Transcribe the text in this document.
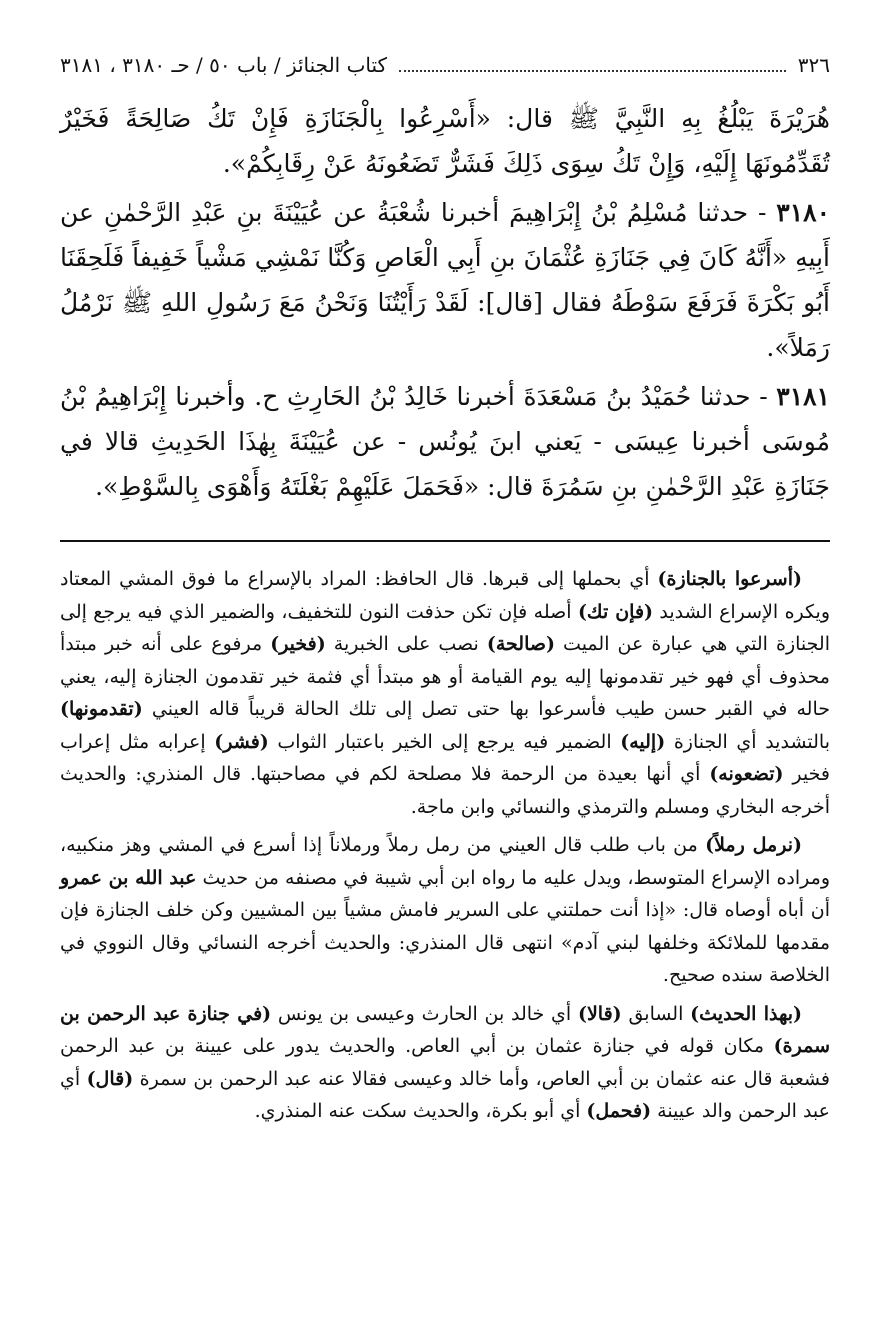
٣٢٦
كتاب الجنائز / باب ٥٠ / حـ ٣١٨٠ ، ٣١٨١

هُرَيْرَةَ يَبْلُغُ بِهِ النَّبِيَّ ﷺ قال: «أَسْرِعُوا بِالْجَنَازَةِ فَإِنْ تَكُ صَالِحَةً فَخَيْرٌ تُقَدِّمُونَهَا إِلَيْهِ، وَإِنْ تَكُ سِوَى ذَلِكَ فَشَرٌّ تَضَعُونَهُ عَنْ رِقَابِكُمْ».

٣١٨٠ - حدثنا مُسْلِمُ بْنُ إِبْرَاهِيمَ أخبرنا شُعْبَةُ عن عُيَيْنَةَ بنِ عَبْدِ الرَّحْمٰنِ عن أَبِيهِ «أَنَّهُ كَانَ فِي جَنَازَةِ عُثْمَانَ بنِ أَبِي الْعَاصِ وَكُنَّا نَمْشِي مَشْياً خَفِيفاً فَلَحِقَنَا أَبُو بَكْرَةَ فَرَفَعَ سَوْطَهُ فقال [قال]: لَقَدْ رَأَيْتُنَا وَنَحْنُ مَعَ رَسُولِ اللهِ ﷺ نَرْمُلُ رَمَلاً».

٣١٨١ - حدثنا حُمَيْدُ بنُ مَسْعَدَةَ أخبرنا خَالِدُ بْنُ الحَارِثِ ح. وأخبرنا إِبْرَاهِيمُ بْنُ مُوسَى أخبرنا عِيسَى - يَعني ابنَ يُونُس - عن عُيَيْنَةَ بِهٰذَا الحَدِيثِ قالا في جَنَازَةِ عَبْدِ الرَّحْمٰنِ بنِ سَمُرَةَ قال: «فَحَمَلَ عَلَيْهِمْ بَغْلَتَهُ وَأَهْوَى بِالسَّوْطِ».

(أسرعوا بالجنازة) أي بحملها إلى قبرها. قال الحافظ: المراد بالإسراع ما فوق المشي المعتاد ويكره الإسراع الشديد (فإن تك) أصله فإن تكن حذفت النون للتخفيف، والضمير الذي فيه يرجع إلى الجنازة التي هي عبارة عن الميت (صالحة) نصب على الخبرية (فخير) مرفوع على أنه خبر مبتدأ محذوف أي فهو خير تقدمونها إليه يوم القيامة أو هو مبتدأ أي فثمة خير تقدمون الجنازة إليه، يعني حاله في القبر حسن طيب فأسرعوا بها حتى تصل إلى تلك الحالة قريباً قاله العيني (تقدمونها) بالتشديد أي الجنازة (إليه) الضمير فيه يرجع إلى الخير باعتبار الثواب (فشر) إعرابه مثل إعراب فخير (تضعونه) أي أنها بعيدة من الرحمة فلا مصلحة لكم في مصاحبتها. قال المنذري: والحديث أخرجه البخاري ومسلم والترمذي والنسائي وابن ماجة.

(نرمل رملاً) من باب طلب قال العيني من رمل رملاً ورملاناً إذا أسرع في المشي وهز منكبيه، ومراده الإسراع المتوسط، ويدل عليه ما رواه ابن أبي شيبة في مصنفه من حديث عبد الله بن عمرو أن أباه أوصاه قال: «إذا أنت حملتني على السرير فامش مشياً بين المشيين وكن خلف الجنازة فإن مقدمها للملائكة وخلفها لبني آدم» انتهى قال المنذري: والحديث أخرجه النسائي وقال النووي في الخلاصة سنده صحيح.

(بهذا الحديث) السابق (قالا) أي خالد بن الحارث وعيسى بن يونس (في جنازة عبد الرحمن بن سمرة) مكان قوله في جنازة عثمان بن أبي العاص. والحديث يدور على عيينة بن عبد الرحمن فشعبة قال عنه عثمان بن أبي العاص، وأما خالد وعيسى فقالا عنه عبد الرحمن بن سمرة (قال) أي عبد الرحمن والد عيينة (فحمل) أي أبو بكرة، والحديث سكت عنه المنذري.
